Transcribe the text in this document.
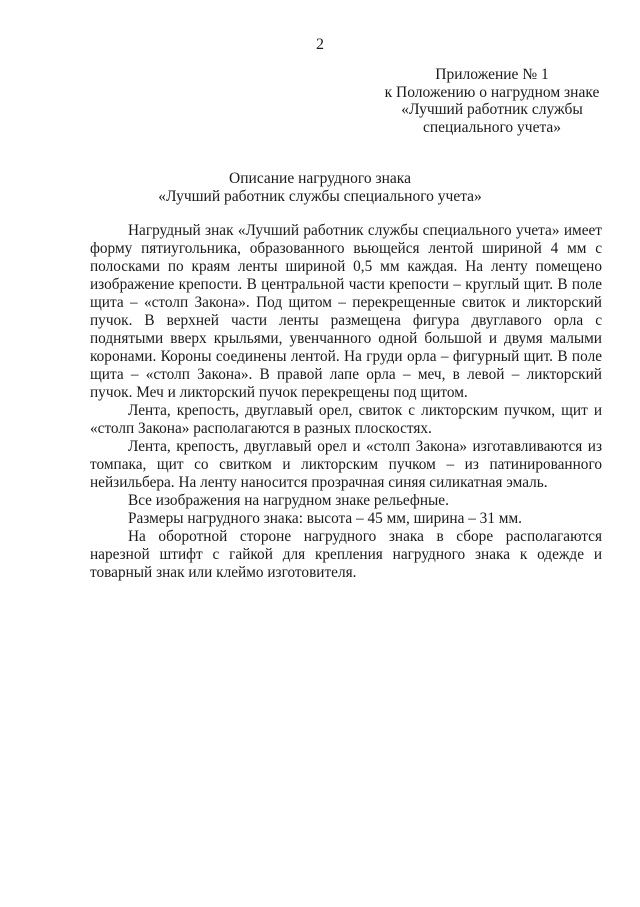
2
Приложение № 1
к Положению о нагрудном знаке
«Лучший работник службы
специального учета»
Описание нагрудного знака
«Лучший работник службы специального учета»

Нагрудный знак «Лучший работник службы специального учета» имеет форму пятиугольника, образованного вьющейся лентой шириной 4 мм с полосками по краям ленты шириной 0,5 мм каждая. На ленту помещено изображение крепости. В центральной части крепости – круглый щит. В поле щита – «столп Закона». Под щитом – перекрещенные свиток и ликторский пучок. В верхней части ленты размещена фигура двуглавого орла с поднятыми вверх крыльями, увенчанного одной большой и двумя малыми коронами. Короны соединены лентой. На груди орла – фигурный щит. В поле щита – «столп Закона». В правой лапе орла – меч, в левой – ликторский пучок. Меч и ликторский пучок перекрещены под щитом.

Лента, крепость, двуглавый орел, свиток с ликторским пучком, щит и «столп Закона» располагаются в разных плоскостях.

Лента, крепость, двуглавый орел и «столп Закона» изготавливаются из томпака, щит со свитком и ликторским пучком – из патинированного нейзильбера. На ленту наносится прозрачная синяя силикатная эмаль.

Все изображения на нагрудном знаке рельефные.

Размеры нагрудного знака: высота – 45 мм, ширина – 31 мм.

На оборотной стороне нагрудного знака в сборе располагаются нарезной штифт с гайкой для крепления нагрудного знака к одежде и товарный знак или клеймо изготовителя.
